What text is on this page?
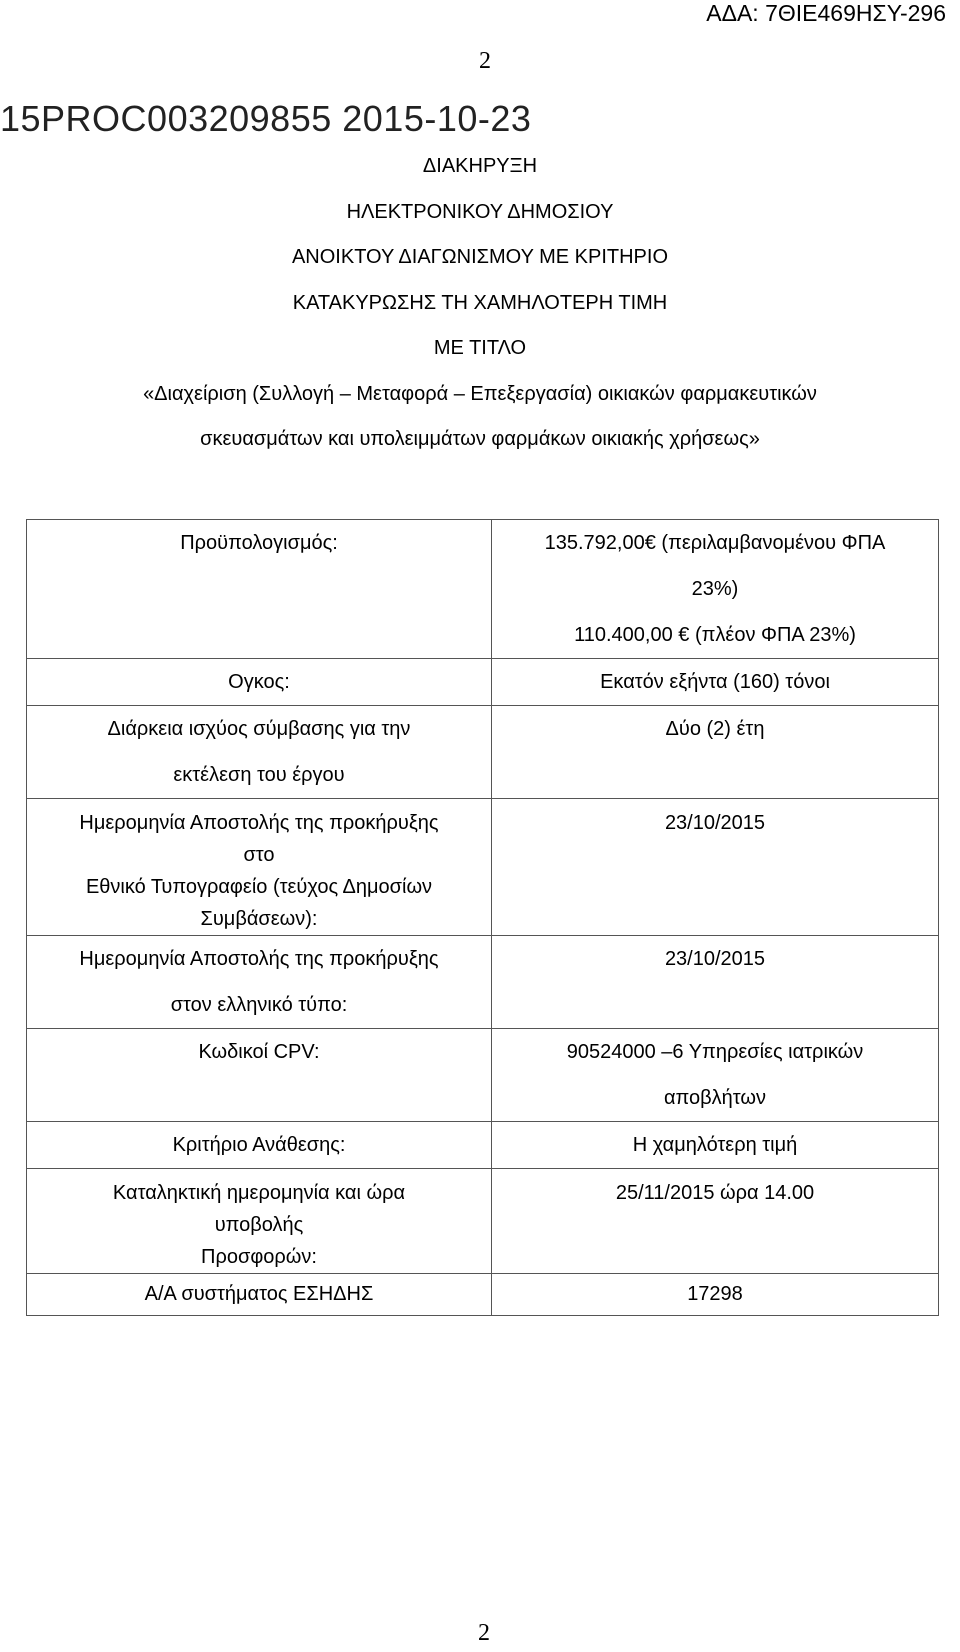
ΑΔΑ: 7ΘΙΕ469ΗΣΥ-296
2
15PROC003209855 2015-10-23
ΔΙΑΚΗΡΥΞΗ
ΗΛΕΚΤΡΟΝΙΚΟΥ ΔΗΜΟΣΙΟΥ
ΑΝΟΙΚΤΟΥ ΔΙΑΓΩΝΙΣΜΟΥ ΜΕ ΚΡΙΤΗΡΙΟ
ΚΑΤΑΚΥΡΩΣΗΣ ΤΗ ΧΑΜΗΛΟΤΕΡΗ ΤΙΜΗ
ΜΕ ΤΙΤΛΟ
«Διαχείριση (Συλλογή – Μεταφορά – Επεξεργασία) οικιακών φαρμακευτικών
σκευασμάτων και υπολειμμάτων φαρμάκων οικιακής χρήσεως»
Προϋπολογισμός:	135.792,00€ (περιλαμβανομένου ΦΠΑ
23%)
110.400,00 € (πλέον ΦΠΑ 23%)

Ογκος:	Εκατόν εξήντα (160) τόνοι

Διάρκεια ισχύος σύμβασης για την
εκτέλεση του έργου	Δύο (2) έτη

Ημερομηνία Αποστολής της προκήρυξης
στο
Εθνικό Τυπογραφείο (τεύχος Δημοσίων
Συμβάσεων):	23/10/2015

Ημερομηνία Αποστολής της προκήρυξης
στον ελληνικό τύπο:	23/10/2015

Κωδικοί CPV:	90524000 –6 Υπηρεσίες ιατρικών
αποβλήτων

Κριτήριο Ανάθεσης:	Η χαμηλότερη τιμή

Καταληκτική ημερομηνία και ώρα
υποβολής
Προσφορών:	25/11/2015 ώρα 14.00

Α/Α συστήματος ΕΣΗΔΗΣ	17298
2
